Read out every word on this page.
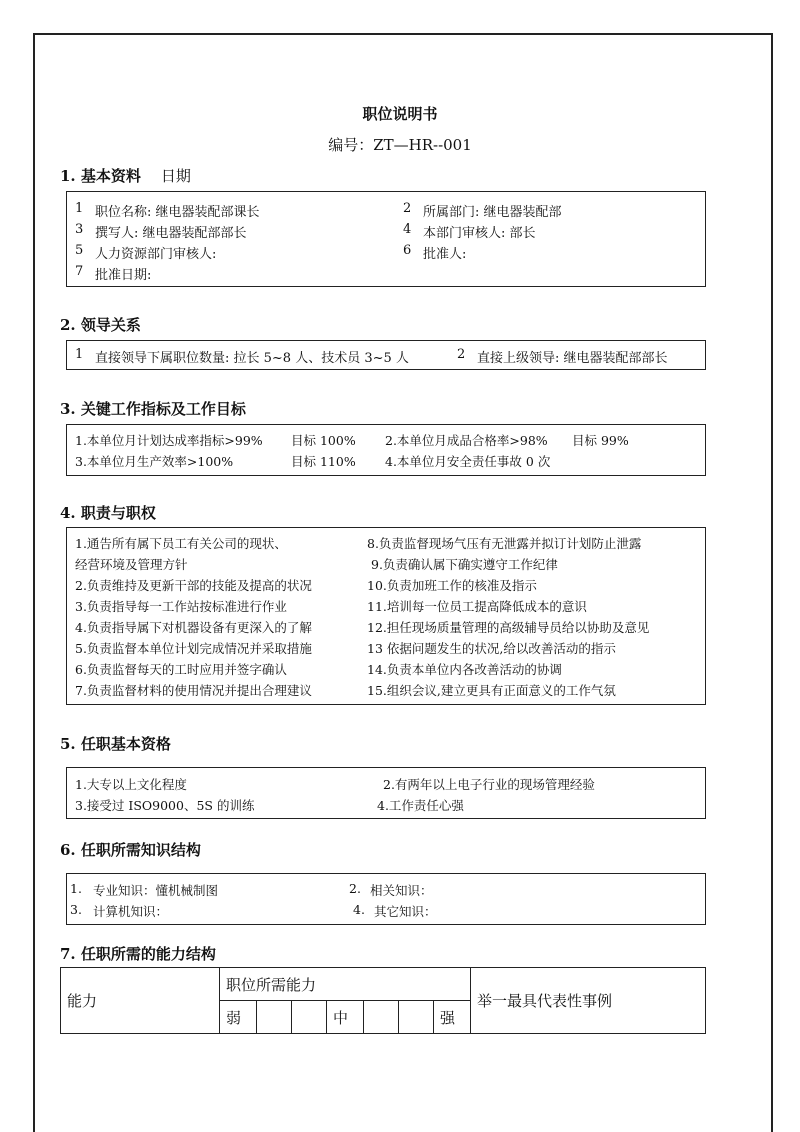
职位说明书
编号：ZT—HR--001
1. 基本资料 日期
1 职位名称: 继电器装配部课长	2 所属部门: 继电器装配部
3 撰写人: 继电器装配部部长	4 本部门审核人: 部长
5 人力资源部门审核人:	6 批准人:
7 批准日期:
2. 领导关系
1 直接领导下属职位数量: 拉长 5~8 人、技术员 3~5 人	2 直接上级领导: 继电器装配部部长
3. 关键工作指标及工作目标
1.本单位月计划达成率指标>99% 目标 100% 2.本单位月成品合格率>98% 目标 99%
3.本单位月生产效率>100%	目标 110% 4.本单位月安全责任事故 0 次
4. 职责与职权
1.通告所有属下员工有关公司的现状、
经营环境及管理方针
2.负责维持及更新干部的技能及提高的状况
3.负责指导每一工作站按标准进行作业
4.负责指导属下对机器设备有更深入的了解
5.负责监督本单位计划完成情况并采取措施
6.负责监督每天的工时应用并签字确认
7.负责监督材料的使用情况并提出合理建议
8.负责监督现场气压有无泄露并拟订计划防止泄露
9.负责确认属下确实遵守工作纪律
10.负责加班工作的核准及指示
11.培训每一位员工提高降低成本的意识
12.担任现场质量管理的高级辅导员给以协助及意见
13 依据问题发生的状况,给以改善活动的指示
14.负责本单位内各改善活动的协调
15.组织会议,建立更具有正面意义的工作气氛
5. 任职基本资格
1.大专以上文化程度	2.有两年以上电子行业的现场管理经验
3.接受过 ISO9000、5S 的训练	4.工作责任心强
6. 任职所需知识结构
1. 专业知识：懂机械制图	2. 相关知识：
3. 计算机知识：	4. 其它知识：
7. 任职所需的能力结构
能力	职位所需能力							举一最具代表性事例
	弱			中			强	
